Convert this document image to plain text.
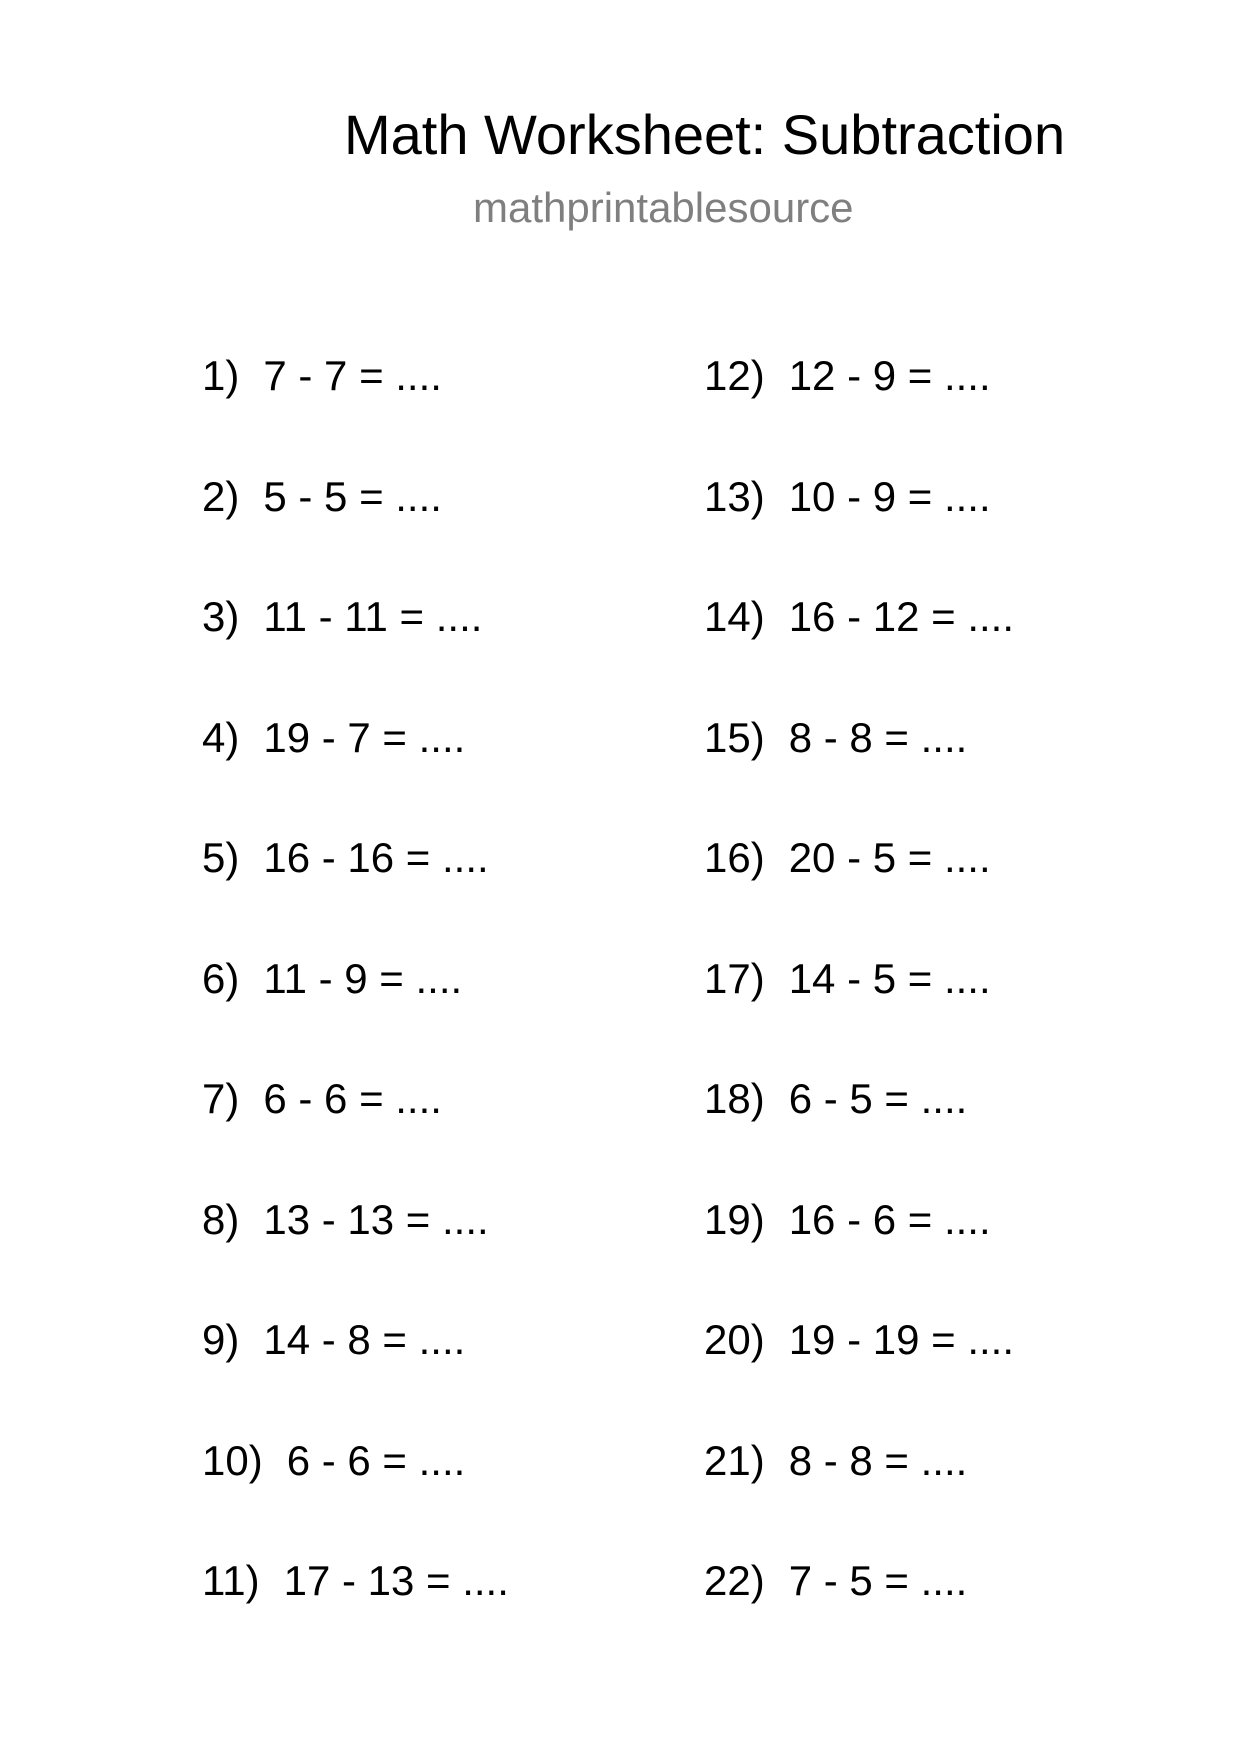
Math Worksheet: Subtraction
mathprintablesource
1) 7 - 7 = ....
2) 5 - 5 = ....
3) 11 - 11 = ....
4) 19 - 7 = ....
5) 16 - 16 = ....
6) 11 - 9 = ....
7) 6 - 6 = ....
8) 13 - 13 = ....
9) 14 - 8 = ....
10) 6 - 6 = ....
11) 17 - 13 = ....
12) 12 - 9 = ....
13) 10 - 9 = ....
14) 16 - 12 = ....
15) 8 - 8 = ....
16) 20 - 5 = ....
17) 14 - 5 = ....
18) 6 - 5 = ....
19) 16 - 6 = ....
20) 19 - 19 = ....
21) 8 - 8 = ....
22) 7 - 5 = ....
